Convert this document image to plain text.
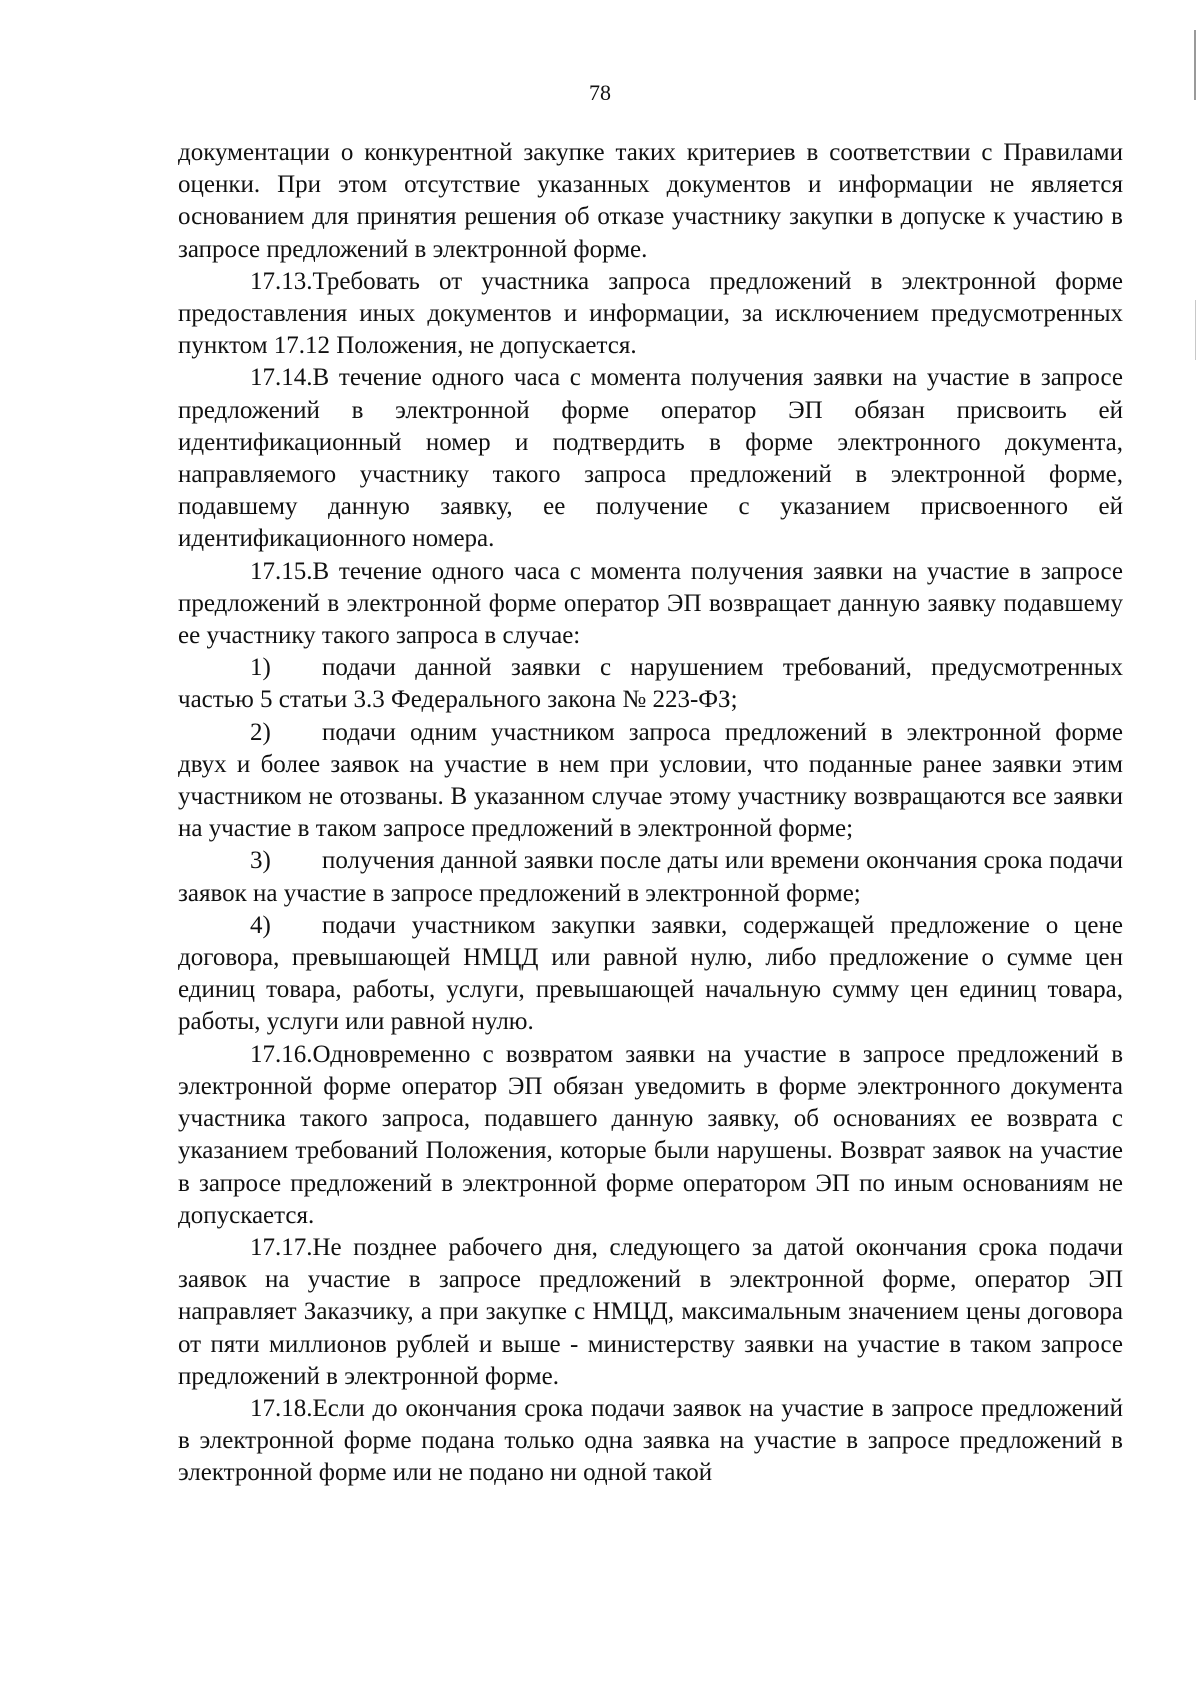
78

документации о конкурентной закупке таких критериев в соответствии с Правилами оценки. При этом отсутствие указанных документов и информации не является основанием для принятия решения об отказе участнику закупки в допуске к участию в запросе предложений в электронной форме.

17.13.Требовать от участника запроса предложений в электронной форме предоставления иных документов и информации, за исключением предусмотренных пунктом 17.12 Положения, не допускается.

17.14.В течение одного часа с момента получения заявки на участие в запросе предложений в электронной форме оператор ЭП обязан присвоить ей идентификационный номер и подтвердить в форме электронного документа, направляемого участнику такого запроса предложений в электронной форме, подавшему данную заявку, ее получение с указанием присвоенного ей идентификационного номера.

17.15.В течение одного часа с момента получения заявки на участие в запросе предложений в электронной форме оператор ЭП возвращает данную заявку подавшему ее участнику такого запроса в случае:

1) подачи данной заявки с нарушением требований, предусмотренных частью 5 статьи 3.3 Федерального закона № 223-ФЗ;

2) подачи одним участником запроса предложений в электронной форме двух и более заявок на участие в нем при условии, что поданные ранее заявки этим участником не отозваны. В указанном случае этому участнику возвращаются все заявки на участие в таком запросе предложений в электронной форме;

3) получения данной заявки после даты или времени окончания срока подачи заявок на участие в запросе предложений в электронной форме;

4) подачи участником закупки заявки, содержащей предложение о цене договора, превышающей НМЦД или равной нулю, либо предложение о сумме цен единиц товара, работы, услуги, превышающей начальную сумму цен единиц товара, работы, услуги или равной нулю.

17.16.Одновременно с возвратом заявки на участие в запросе предложений в электронной форме оператор ЭП обязан уведомить в форме электронного документа участника такого запроса, подавшего данную заявку, об основаниях ее возврата с указанием требований Положения, которые были нарушены. Возврат заявок на участие в запросе предложений в электронной форме оператором ЭП по иным основаниям не допускается.

17.17.Не позднее рабочего дня, следующего за датой окончания срока подачи заявок на участие в запросе предложений в электронной форме, оператор ЭП направляет Заказчику, а при закупке с НМЦД, максимальным значением цены договора от пяти миллионов рублей и выше - министерству заявки на участие в таком запросе предложений в электронной форме.

17.18.Если до окончания срока подачи заявок на участие в запросе предложений в электронной форме подана только одна заявка на участие в запросе предложений в электронной форме или не подано ни одной такой
